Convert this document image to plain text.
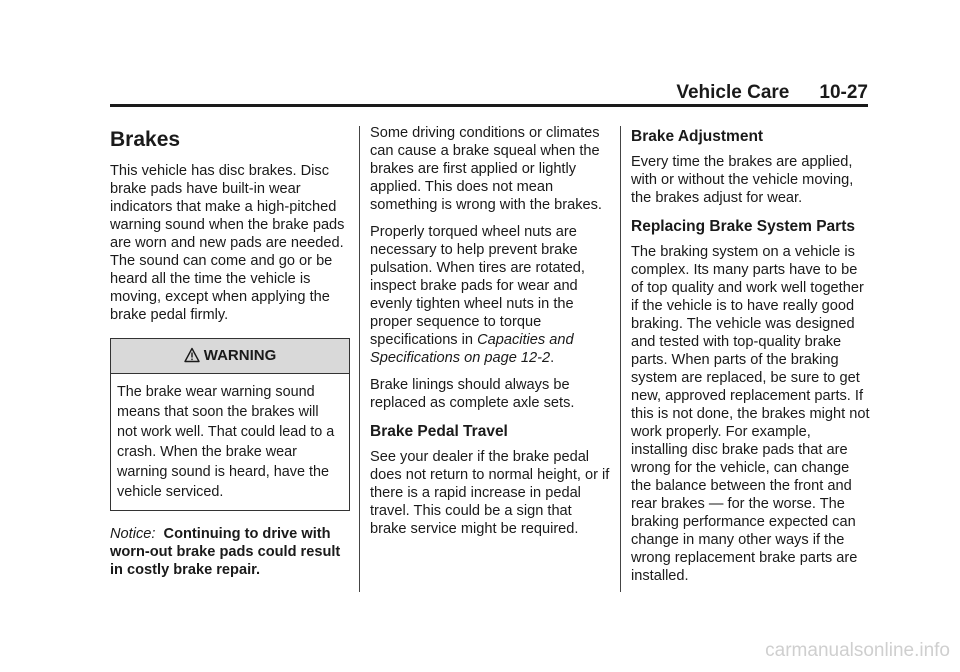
Vehicle Care 10-27
Brakes

This vehicle has disc brakes. Disc brake pads have built-in wear indicators that make a high-pitched warning sound when the brake pads are worn and new pads are needed. The sound can come and go or be heard all the time the vehicle is moving, except when applying the brake pedal firmly.

WARNING
The brake wear warning sound means that soon the brakes will not work well. That could lead to a crash. When the brake wear warning sound is heard, have the vehicle serviced.

Notice: Continuing to drive with worn-out brake pads could result in costly brake repair.

Some driving conditions or climates can cause a brake squeal when the brakes are first applied or lightly applied. This does not mean something is wrong with the brakes.

Properly torqued wheel nuts are necessary to help prevent brake pulsation. When tires are rotated, inspect brake pads for wear and evenly tighten wheel nuts in the proper sequence to torque specifications in Capacities and Specifications on page 12-2.

Brake linings should always be replaced as complete axle sets.

Brake Pedal Travel

See your dealer if the brake pedal does not return to normal height, or if there is a rapid increase in pedal travel. This could be a sign that brake service might be required.

Brake Adjustment

Every time the brakes are applied, with or without the vehicle moving, the brakes adjust for wear.

Replacing Brake System Parts

The braking system on a vehicle is complex. Its many parts have to be of top quality and work well together if the vehicle is to have really good braking. The vehicle was designed and tested with top-quality brake parts. When parts of the braking system are replaced, be sure to get new, approved replacement parts. If this is not done, the brakes might not work properly. For example, installing disc brake pads that are wrong for the vehicle, can change the balance between the front and rear brakes — for the worse. The braking performance expected can change in many other ways if the wrong replacement brake parts are installed.

carmanualsonline.info
